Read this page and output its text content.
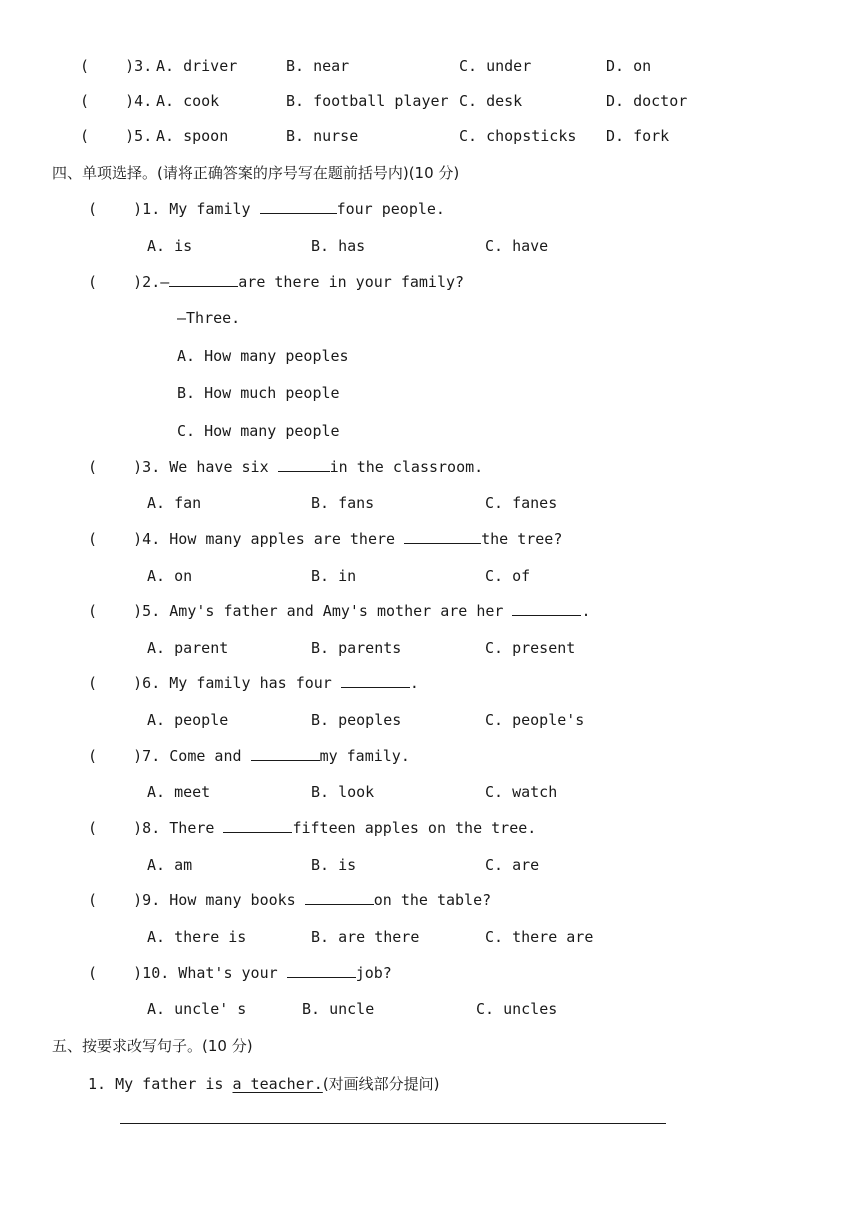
(    )3. A. driver	B. near	C. under	D. on
(    )4. A. cook	B. football player C. desk	D. doctor
(    )5. A. spoon	B. nurse	C. chopsticks D. fork
四、单项选择。(请将正确答案的序号写在题前括号内)(10 分)
(    )1. My family	four people.
A. is	B. has	C. have
(    )2.—	are there in your family?
—Three.
A. How many peoples
B. How much people
C. How many people
(    )3. We have six	in the classroom.
A. fan	B. fans	C. fanes
(    )4. How many apples are there	the tree?
A. on	B. in	C. of
(    )5. Amy's father and Amy's mother are her	.
A. parent	B. parents	C. present
(    )6. My family has four	.
A. people	B. peoples	C. people's
(    )7. Come and	my family.
A. meet	B. look	C. watch
(    )8. There	fifteen apples on the tree.
A. am	B. is	C. are
(    )9. How many books	on the table?
A. there is	B. are there	C. there are
(    )10. What's your	job?
A. uncle' s	B. uncle	C. uncles
五、按要求改写句子。(10 分)
1. My father is a teacher.(对画线部分提问)
